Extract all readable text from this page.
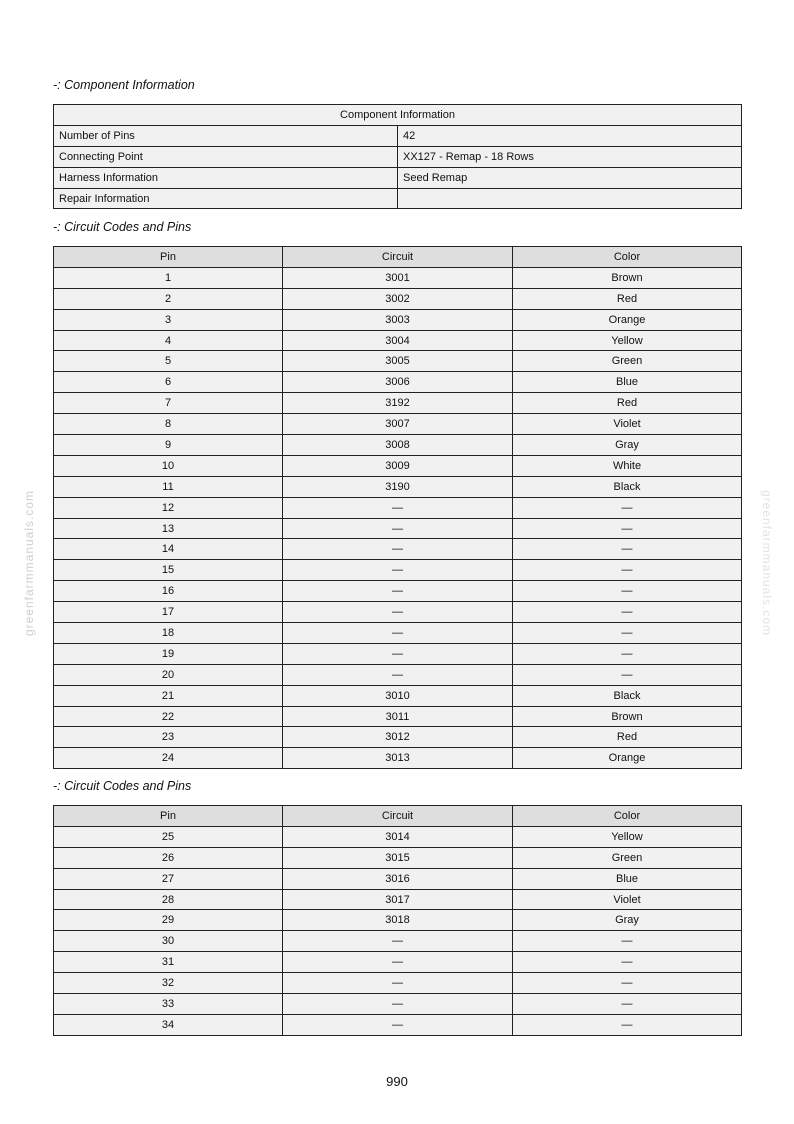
-: Component Information

Component Information	
Number of Pins	42
Connecting Point	XX127 - Remap - 18 Rows
Harness Information	Seed Remap
Repair Information	

-: Circuit Codes and Pins

Pin	Circuit	Color
1	3001	Brown
2	3002	Red
3	3003	Orange
4	3004	Yellow
5	3005	Green
6	3006	Blue
7	3192	Red
8	3007	Violet
9	3008	Gray
10	3009	White
11	3190	Black
12	—	—
13	—	—
14	—	—
15	—	—
16	—	—
17	—	—
18	—	—
19	—	—
20	—	—
21	3010	Black
22	3011	Brown
23	3012	Red
24	3013	Orange

-: Circuit Codes and Pins

Pin	Circuit	Color
25	3014	Yellow
26	3015	Green
27	3016	Blue
28	3017	Violet
29	3018	Gray
30	—	—
31	—	—
32	—	—
33	—	—
34	—	—
greenfarmmanuals.com	greenfarmmanuals.com
990
